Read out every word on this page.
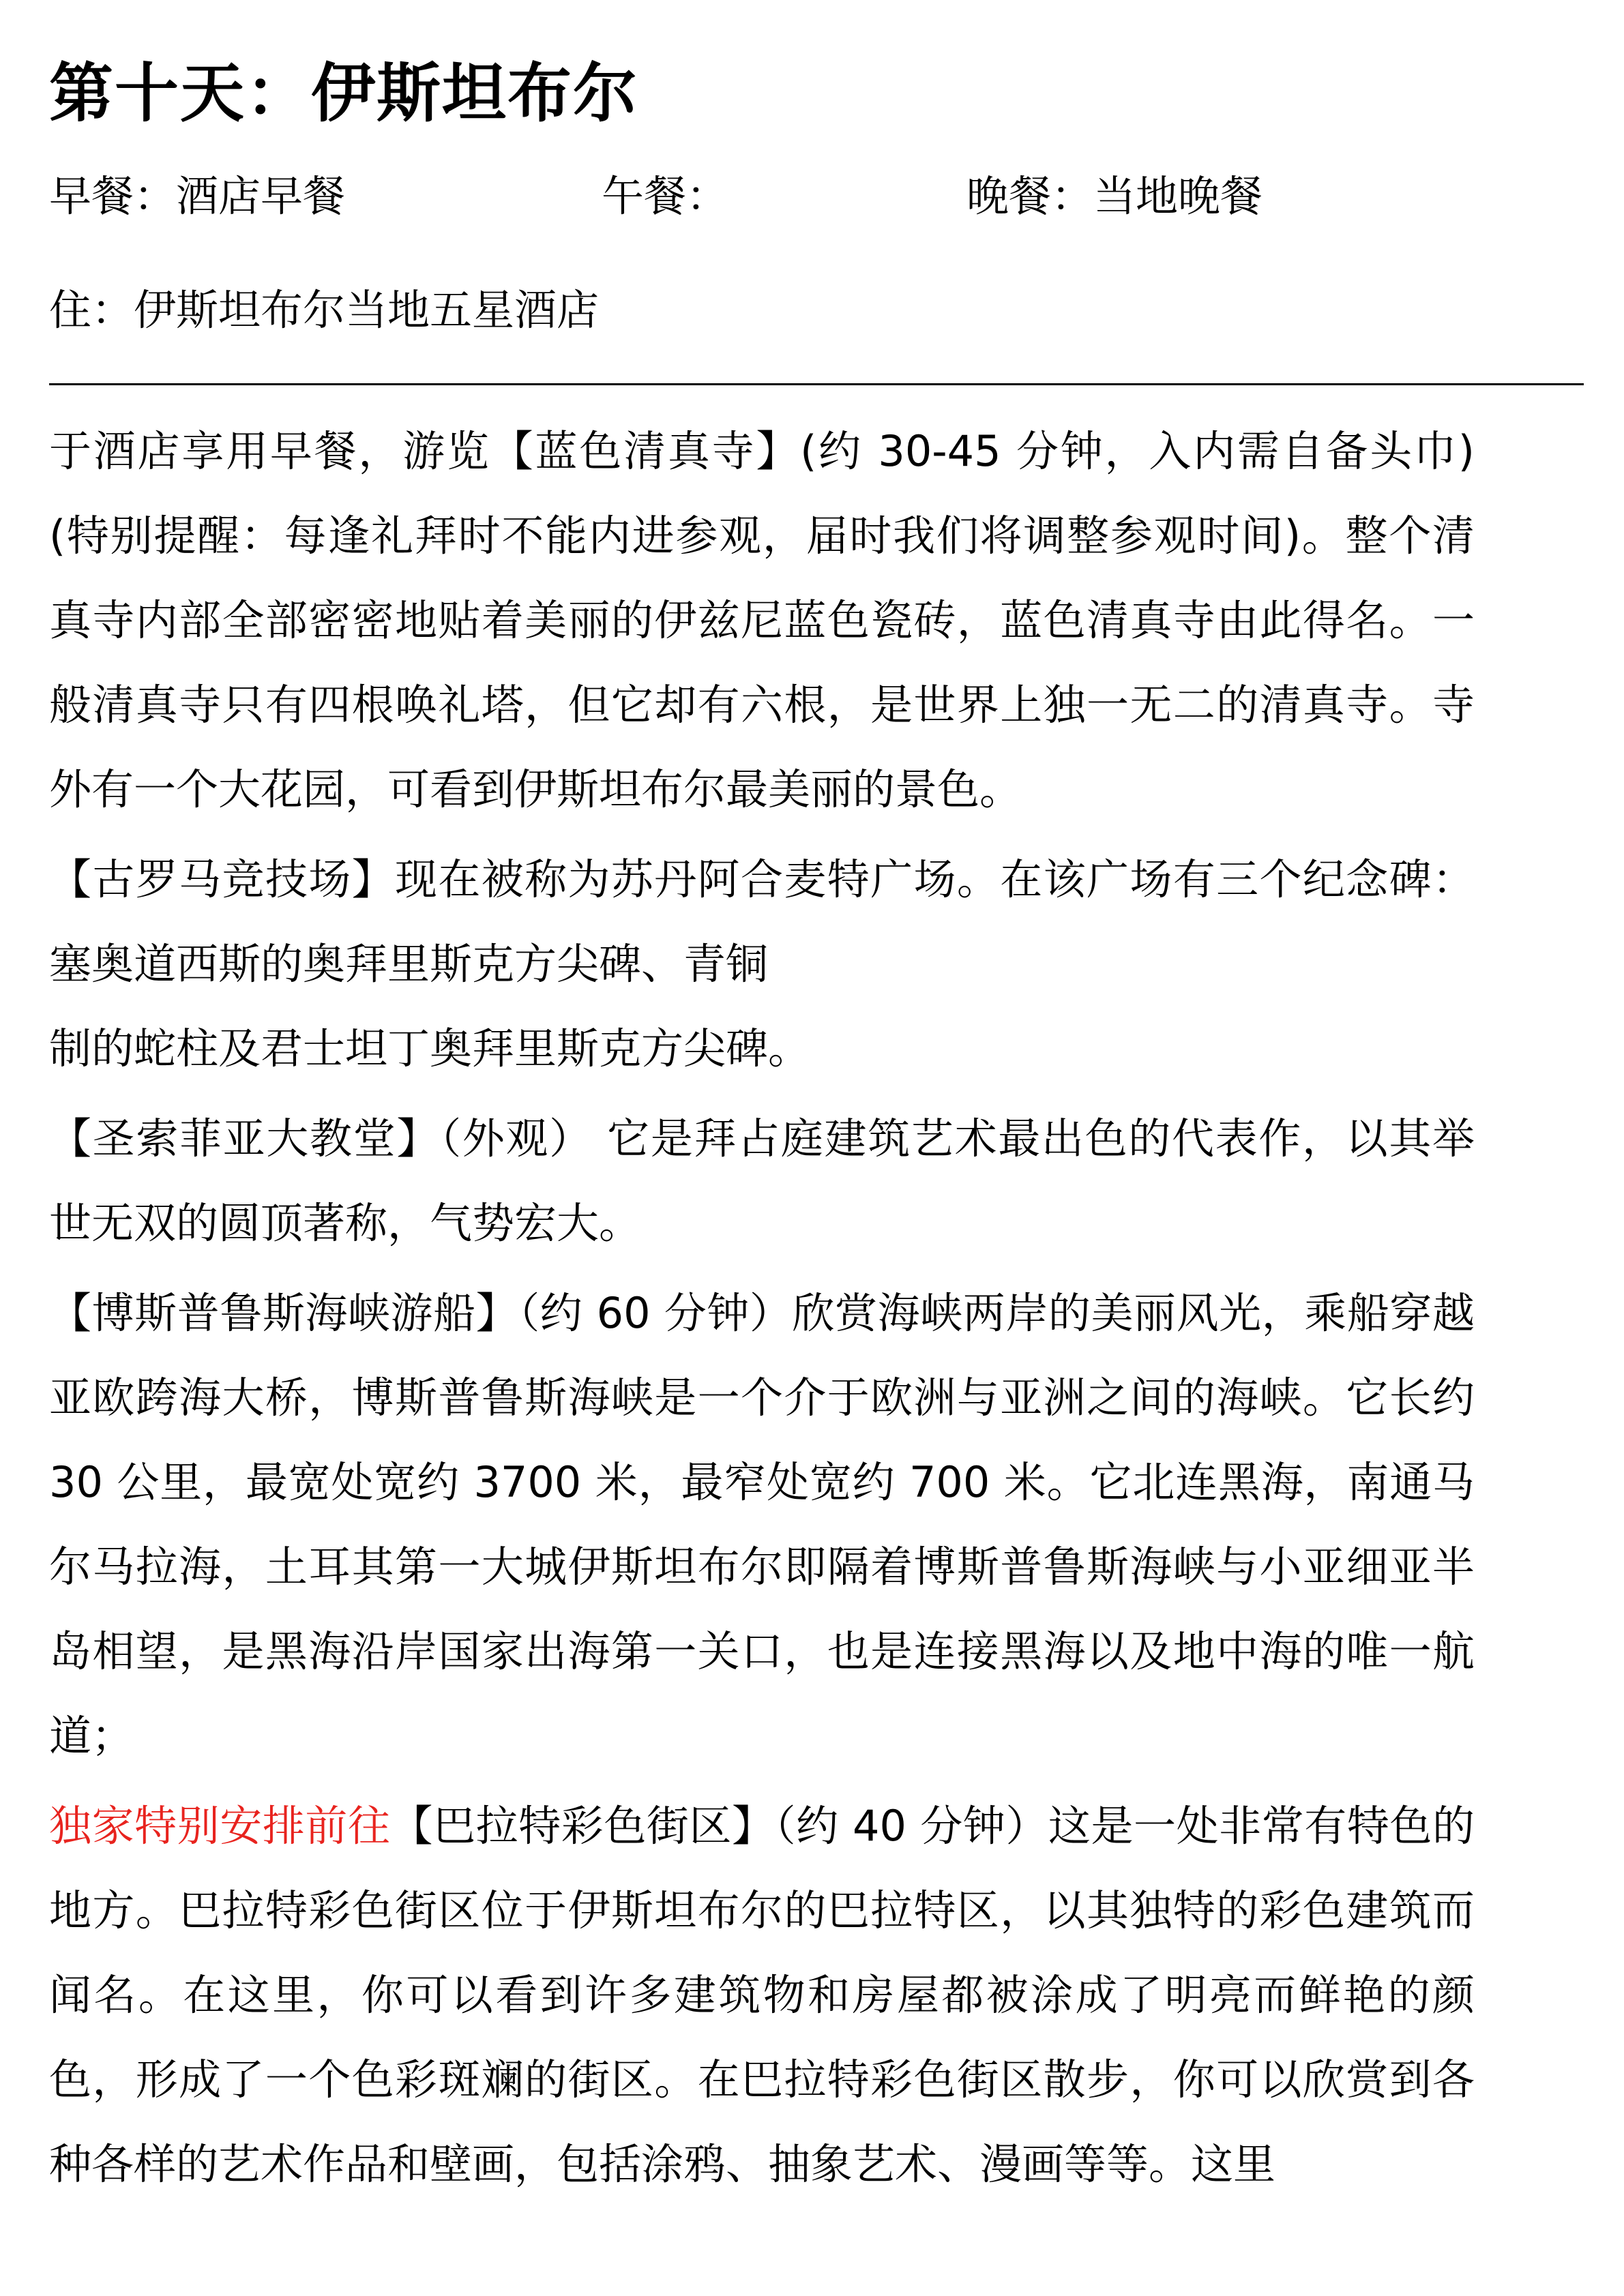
第十天：伊斯坦布尔
早餐：酒店早餐	午餐：	晚餐：当地晚餐
住：伊斯坦布尔当地五星酒店

于酒店享用早餐，游览【蓝色清真寺】(约 30-45 分钟，入内需自备头巾) (特别提醒：每逢礼拜时不能内进参观，届时我们将调整参观时间)。整个清真寺内部全部密密地贴着美丽的伊兹尼蓝色瓷砖，蓝色清真寺由此得名。一般清真寺只有四根唤礼塔，但它却有六根，是世界上独一无二的清真寺。寺外有一个大花园，可看到伊斯坦布尔最美丽的景色。

【古罗马竞技场】现在被称为苏丹阿合麦特广场。在该广场有三个纪念碑：塞奥道西斯的奥拜里斯克方尖碑、青铜

制的蛇柱及君士坦丁奥拜里斯克方尖碑。

【圣索菲亚大教堂】（外观） 它是拜占庭建筑艺术最出色的代表作，以其举世无双的圆顶著称，气势宏大。

【博斯普鲁斯海峡游船】（约 60 分钟）欣赏海峡两岸的美丽风光，乘船穿越亚欧跨海大桥，博斯普鲁斯海峡是一个介于欧洲与亚洲之间的海峡。它长约 30 公里，最宽处宽约 3700 米，最窄处宽约 700 米。它北连黑海，南通马尔马拉海，土耳其第一大城伊斯坦布尔即隔着博斯普鲁斯海峡与小亚细亚半岛相望，是黑海沿岸国家出海第一关口，也是连接黑海以及地中海的唯一航道；

独家特别安排前往【巴拉特彩色街区】（约 40 分钟）这是一处非常有特色的地方。巴拉特彩色街区位于伊斯坦布尔的巴拉特区，以其独特的彩色建筑而闻名。在这里，你可以看到许多建筑物和房屋都被涂成了明亮而鲜艳的颜色，形成了一个色彩斑斓的街区。在巴拉特彩色街区散步，你可以欣赏到各种各样的艺术作品和壁画，包括涂鸦、抽象艺术、漫画等等。这里
